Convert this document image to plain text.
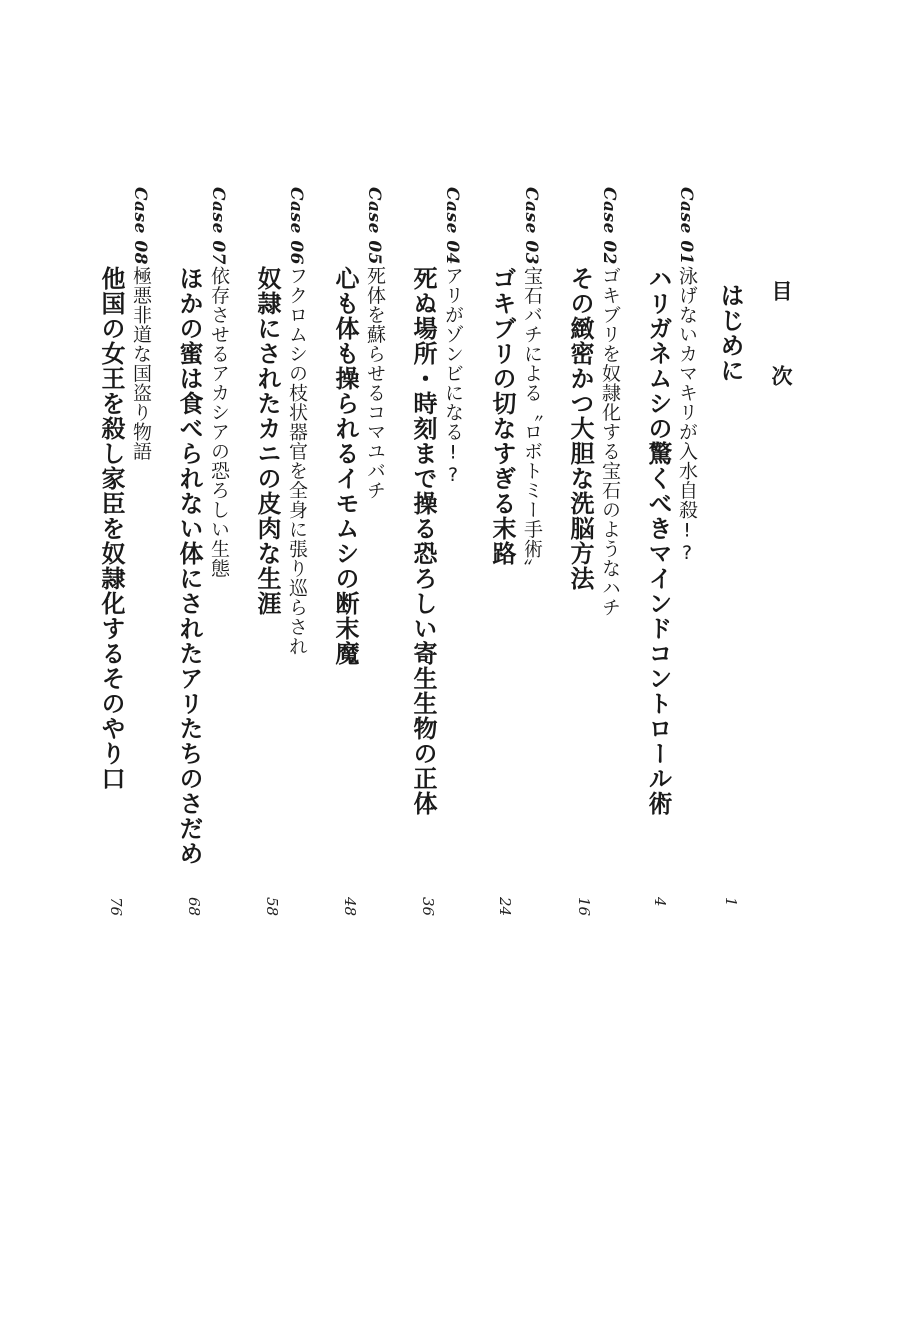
目 次
はじめに
1
Case 01
泳げないカマキリが入水自殺!?
ハリガネムシの驚くべきマインドコントロール術
4
Case 02
ゴキブリを奴隷化する宝石のようなハチ
その緻密かつ大胆な洗脳方法
16
Case 03
宝石バチによる〝ロボトミー手術〟
ゴキブリの切なすぎる末路
24
Case 04
アリがゾンビになる!?
死ぬ場所・時刻まで操る恐ろしい寄生生物の正体
36
Case 05
死体を蘇らせるコマユバチ
心も体も操られるイモムシの断末魔
48
Case 06
フクロムシの枝状器官を全身に張り巡らされ
奴隷にされたカニの皮肉な生涯
58
Case 07
依存させるアカシアの恐ろしい生態
ほかの蜜は食べられない体にされたアリたちのさだめ
68
Case 08
極悪非道な国盗り物語
他国の女王を殺し家臣を奴隷化するそのやり口
76
